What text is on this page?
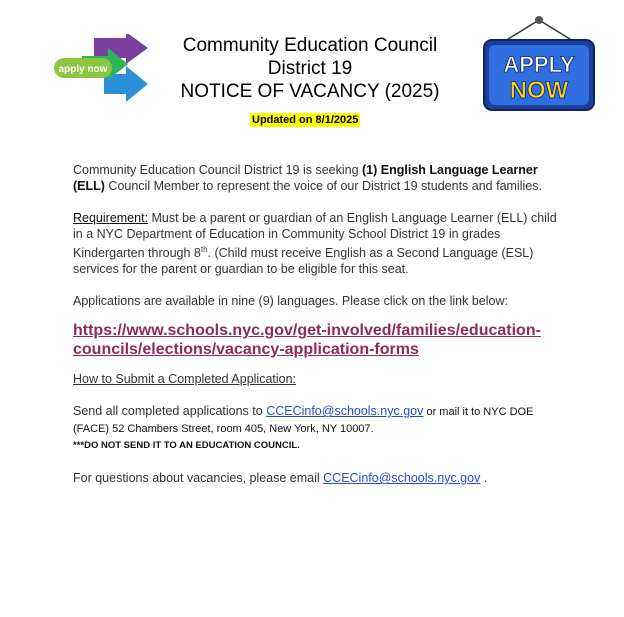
apply now
Community Education Council
District 19
NOTICE OF VACANCY (2025)
Updated on 8/1/2025
APPLY
NOW

Community Education Council District 19 is seeking (1) English Language Learner (ELL) Council Member to represent the voice of our District 19 students and families.

Requirement: Must be a parent or guardian of an English Language Learner (ELL) child in a NYC Department of Education in Community School District 19 in grades Kindergarten through 8th. (Child must receive English as a Second Language (ESL) services for the parent or guardian to be eligible for this seat.

Applications are available in nine (9) languages. Please click on the link below:

https://www.schools.nyc.gov/get-involved/families/education-councils/elections/vacancy-application-forms

How to Submit a Completed Application:

Send all completed applications to CCECinfo@schools.nyc.gov or mail it to NYC DOE (FACE) 52 Chambers Street, room 405, New York, NY 10007.
***DO NOT SEND IT TO AN EDUCATION COUNCIL.

For questions about vacancies, please email CCECinfo@schools.nyc.gov .
